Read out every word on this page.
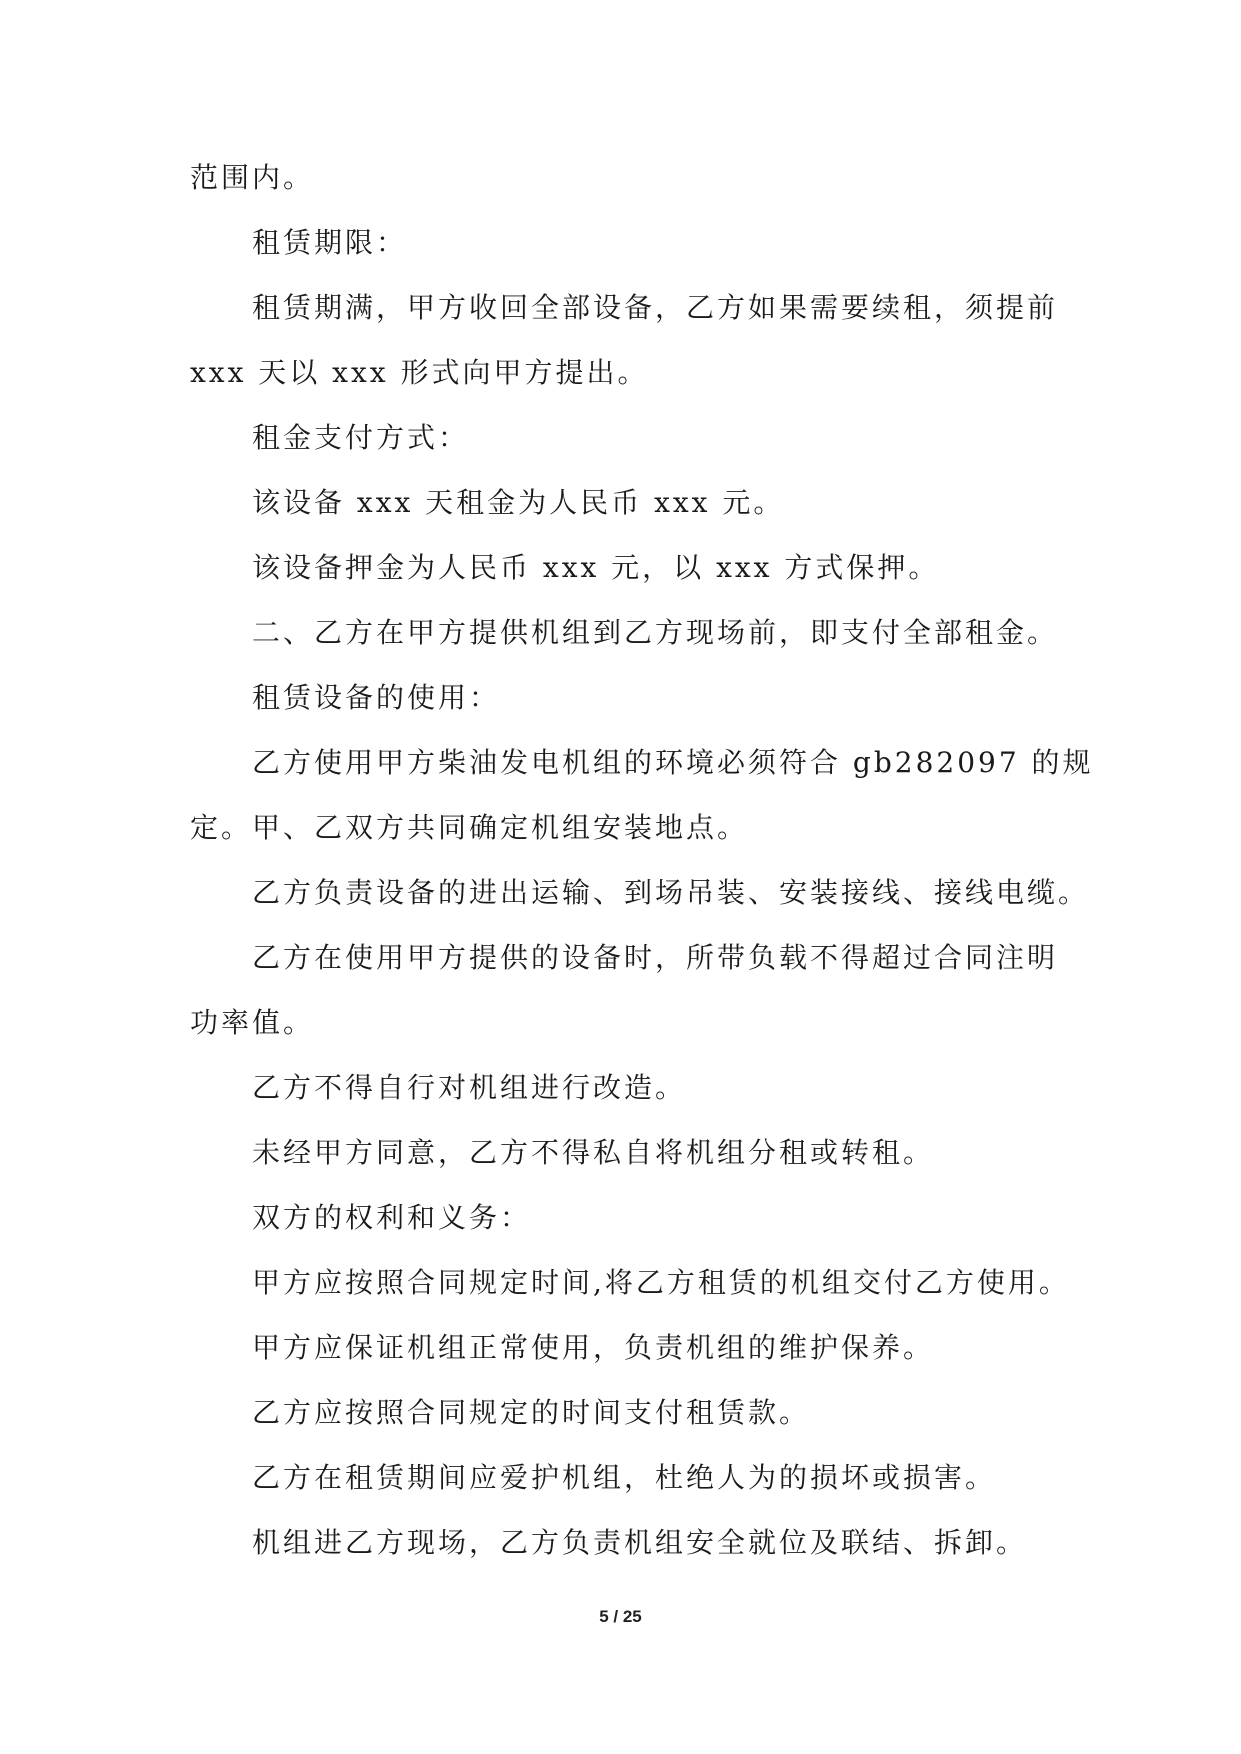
范围内。
租赁期限：
租赁期满，甲方收回全部设备，乙方如果需要续租，须提前
xxx 天以 xxx 形式向甲方提出。
租金支付方式：
该设备 xxx 天租金为人民币 xxx 元。
该设备押金为人民币 xxx 元，以 xxx 方式保押。
二、乙方在甲方提供机组到乙方现场前，即支付全部租金。
租赁设备的使用：
乙方使用甲方柴油发电机组的环境必须符合 gb282097 的规
定。甲、乙双方共同确定机组安装地点。
乙方负责设备的进出运输、到场吊装、安装接线、接线电缆。
乙方在使用甲方提供的设备时，所带负载不得超过合同注明
功率值。
乙方不得自行对机组进行改造。
未经甲方同意，乙方不得私自将机组分租或转租。
双方的权利和义务：
甲方应按照合同规定时间,将乙方租赁的机组交付乙方使用。
甲方应保证机组正常使用，负责机组的维护保养。
乙方应按照合同规定的时间支付租赁款。
乙方在租赁期间应爱护机组，杜绝人为的损坏或损害。
机组进乙方现场，乙方负责机组安全就位及联结、拆卸。
5 / 25
